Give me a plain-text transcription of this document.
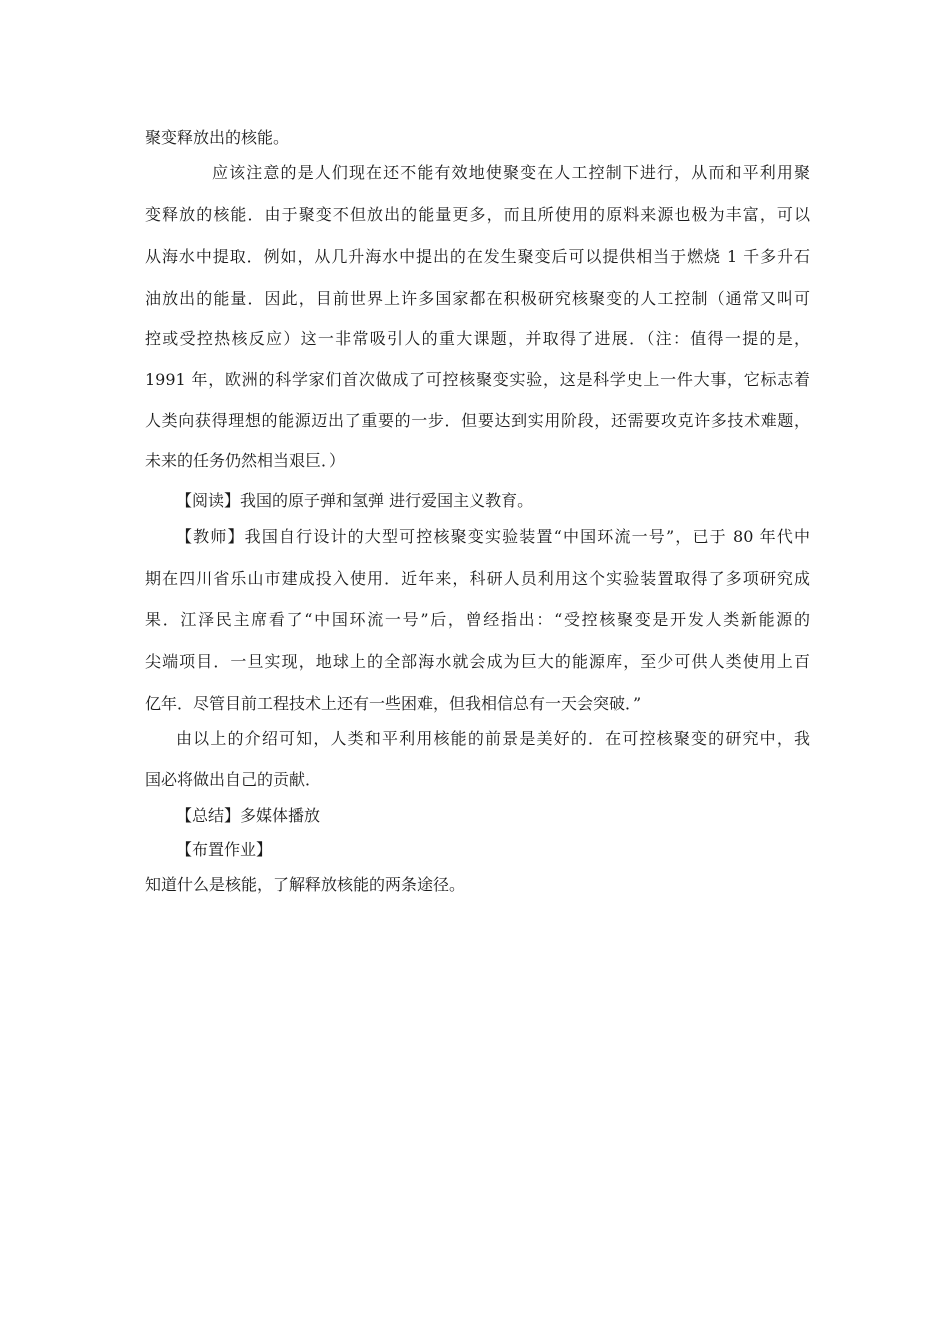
聚变释放出的核能。
应该注意的是人们现在还不能有效地使聚变在人工控制下进行，从而和平利用聚
变释放的核能．由于聚变不但放出的能量更多，而且所使用的原料来源也极为丰富，可以
从海水中提取．例如，从几升海水中提出的在发生聚变后可以提供相当于燃烧 1 千多升石
油放出的能量．因此，目前世界上许多国家都在积极研究核聚变的人工控制（通常又叫可
控或受控热核反应）这一非常吸引人的重大课题，并取得了进展．（注：值得一提的是，
1991 年，欧洲的科学家们首次做成了可控核聚变实验，这是科学史上一件大事，它标志着
人类向获得理想的能源迈出了重要的一步．但要达到实用阶段，还需要攻克许多技术难题，
未来的任务仍然相当艰巨．）
【阅读】我国的原子弹和氢弹 进行爱国主义教育。
【教师】我国自行设计的大型可控核聚变实验装置“中国环流一号”，已于 80 年代中
期在四川省乐山市建成投入使用．近年来，科研人员利用这个实验装置取得了多项研究成
果．江泽民主席看了“中国环流一号”后，曾经指出：“受控核聚变是开发人类新能源的
尖端项目．一旦实现，地球上的全部海水就会成为巨大的能源库，至少可供人类使用上百
亿年．尽管目前工程技术上还有一些困难，但我相信总有一天会突破．”
由以上的介绍可知，人类和平利用核能的前景是美好的．在可控核聚变的研究中，我
国必将做出自己的贡献．
【总结】多媒体播放
【布置作业】
知道什么是核能，了解释放核能的两条途径。
